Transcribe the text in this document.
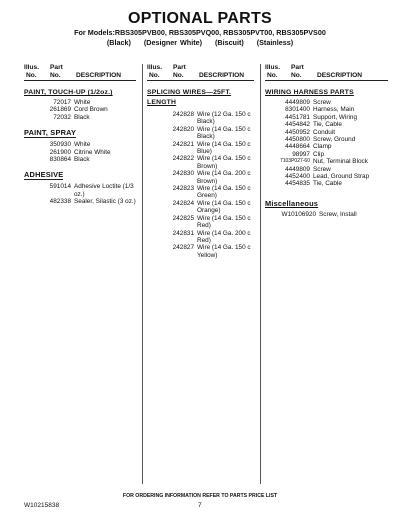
OPTIONAL PARTS
For Models:RBS305PVB00, RBS305PVQ00, RBS305PVT00, RBS305PVS00
(Black) (Designer White) (Biscuit) (Stainless)
Illus. Part
No. No. DESCRIPTION
PAINT, TOUCH-UP (1/2oz.)
72017 White
261869 Cord Brown
72032 Black
PAINT, SPRAY
350930 White
261900 Citrine White
830864 Black
ADHESIVE
591014 Adhesive Loctite (1/3 oz.)
482338 Sealer, Silastic (3 oz.)
Illus. Part
No. No. DESCRIPTION
SPLICING WIRES—25FT.
LENGTH
242828 Wire (12 Ga. 150 c Black)
242820 Wire (14 Ga. 150 c Black)
242821 Wire (14 Ga. 150 c Blue)
242822 Wire (14 Ga. 150 c Brown)
242830 Wire (14 Ga. 200 c Brown)
242823 Wire (14 Ga. 150 c Green)
242824 Wire (14 Ga. 150 c Orange)
242825 Wire (14 Ga. 150 c Red)
242831 Wire (14 Ga. 200 c Red)
242827 Wire (14 Ga. 150 c Yellow)
Illus. Part
No. No. DESCRIPTION
WIRING HARNESS PARTS
4449809 Screw
8301400 Harness, Main
4451781 Support, Wiring
4454842 Tie, Cable
4450952 Conduit
4450800 Screw, Ground
4448664 Clamp
98997 Clip
7103P027-60 Nut, Terminal Block
4449809 Screw
4452400 Lead, Ground Strap
4454835 Tie, Cable
Miscellaneous
W10106920 Screw, Install
FOR ORDERING INFORMATION REFER TO PARTS PRICE LIST
W10215838	7
